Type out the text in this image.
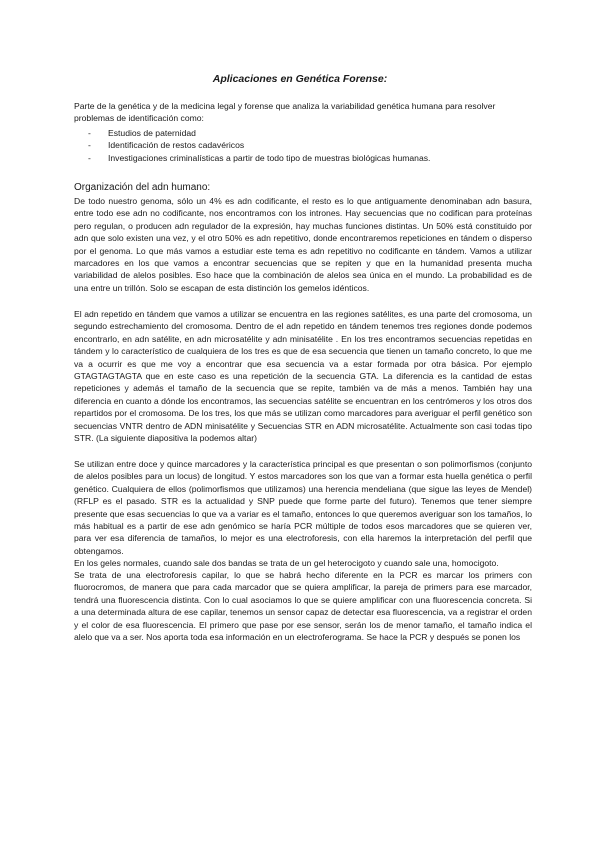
Aplicaciones en Genética Forense:
Parte de la genética y de la medicina legal y forense que analiza la variabilidad genética humana para resolver problemas de identificación como:
- Estudios de paternidad
- Identificación de restos cadavéricos
- Investigaciones criminalísticas a partir de todo tipo de muestras biológicas humanas.
Organización del adn humano:
De todo nuestro genoma, sólo un 4% es adn codificante, el resto es lo que antiguamente denominaban adn basura, entre todo ese adn no codificante, nos encontramos con los intrones. Hay secuencias que no codifican para proteínas pero regulan, o producen adn regulador de la expresión, hay muchas funciones distintas. Un 50% está constituido por adn que solo existen una vez, y el otro 50% es adn repetitivo, donde encontraremos repeticiones en tándem o disperso por el genoma. Lo que más vamos a estudiar este tema es adn repetitivo no codificante en tándem. Vamos a utilizar marcadores en los que vamos a encontrar secuencias que se repiten y que en la humanidad presenta mucha variabilidad de alelos posibles. Eso hace que la combinación de alelos sea única en el mundo. La probabilidad es de una entre un trillón. Solo se escapan de esta distinción los gemelos idénticos.
El adn repetido en tándem que vamos a utilizar se encuentra en las regiones satélites, es una parte del cromosoma, un segundo estrechamiento del cromosoma. Dentro de el adn repetido en tándem tenemos tres regiones donde podemos encontrarlo, en adn satélite, en adn microsatélite y adn minisatélite . En los tres encontramos secuencias repetidas en tándem y lo característico de cualquiera de los tres es que de esa secuencia que tienen un tamaño concreto, lo que me va a ocurrir es que me voy a encontrar que esa secuencia va a estar formada por otra básica. Por ejemplo GTAGTAGTAGTA que en este caso es una repetición de la secuencia GTA. La diferencia es la cantidad de estas repeticiones y además el tamaño de la secuencia que se repite, también va de más a menos. También hay una diferencia en cuanto a dónde los encontramos, las secuencias satélite se encuentran en los centrómeros y los otros dos repartidos por el cromosoma. De los tres, los que más se utilizan como marcadores para averiguar el perfil genético son secuencias VNTR dentro de ADN minisatélite y Secuencias STR en ADN microsatélite. Actualmente son casi todas tipo STR. (La siguiente diapositiva la podemos altar)
Se utilizan entre doce y quince marcadores y la característica principal es que presentan o son polimorfismos (conjunto de alelos posibles para un locus) de longitud. Y estos marcadores son los que van a formar esta huella genética o perfil genético. Cualquiera de ellos (polimorfismos que utilizamos) una herencia mendeliana (que sigue las leyes de Mendel) (RFLP es el pasado. STR es la actualidad y SNP puede que forme parte del futuro). Tenemos que tener siempre presente que esas secuencias lo que va a variar es el tamaño, entonces lo que queremos averiguar son los tamaños, lo más habitual es a partir de ese adn genómico se haría PCR múltiple de todos esos marcadores que se quieren ver, para ver esa diferencia de tamaños, lo mejor es una electroforesis, con ella haremos la interpretación del perfil que obtengamos.
En los geles normales, cuando sale dos bandas se trata de un gel heterocigoto y cuando sale una, homocigoto.
Se trata de una electroforesis capilar, lo que se habrá hecho diferente en la PCR es marcar los primers con fluorocromos, de manera que para cada marcador que se quiera amplificar, la pareja de primers para ese marcador, tendrá una fluorescencia distinta. Con lo cual asociamos lo que se quiere amplificar con una fluorescencia concreta. Si a una determinada altura de ese capilar, tenemos un sensor capaz de detectar esa fluorescencia, va a registrar el orden y el color de esa fluorescencia. El primero que pase por ese sensor, serán los de menor tamaño, el tamaño indica el alelo que va a ser. Nos aporta toda esa información en un electroferograma. Se hace la PCR y después se ponen los
